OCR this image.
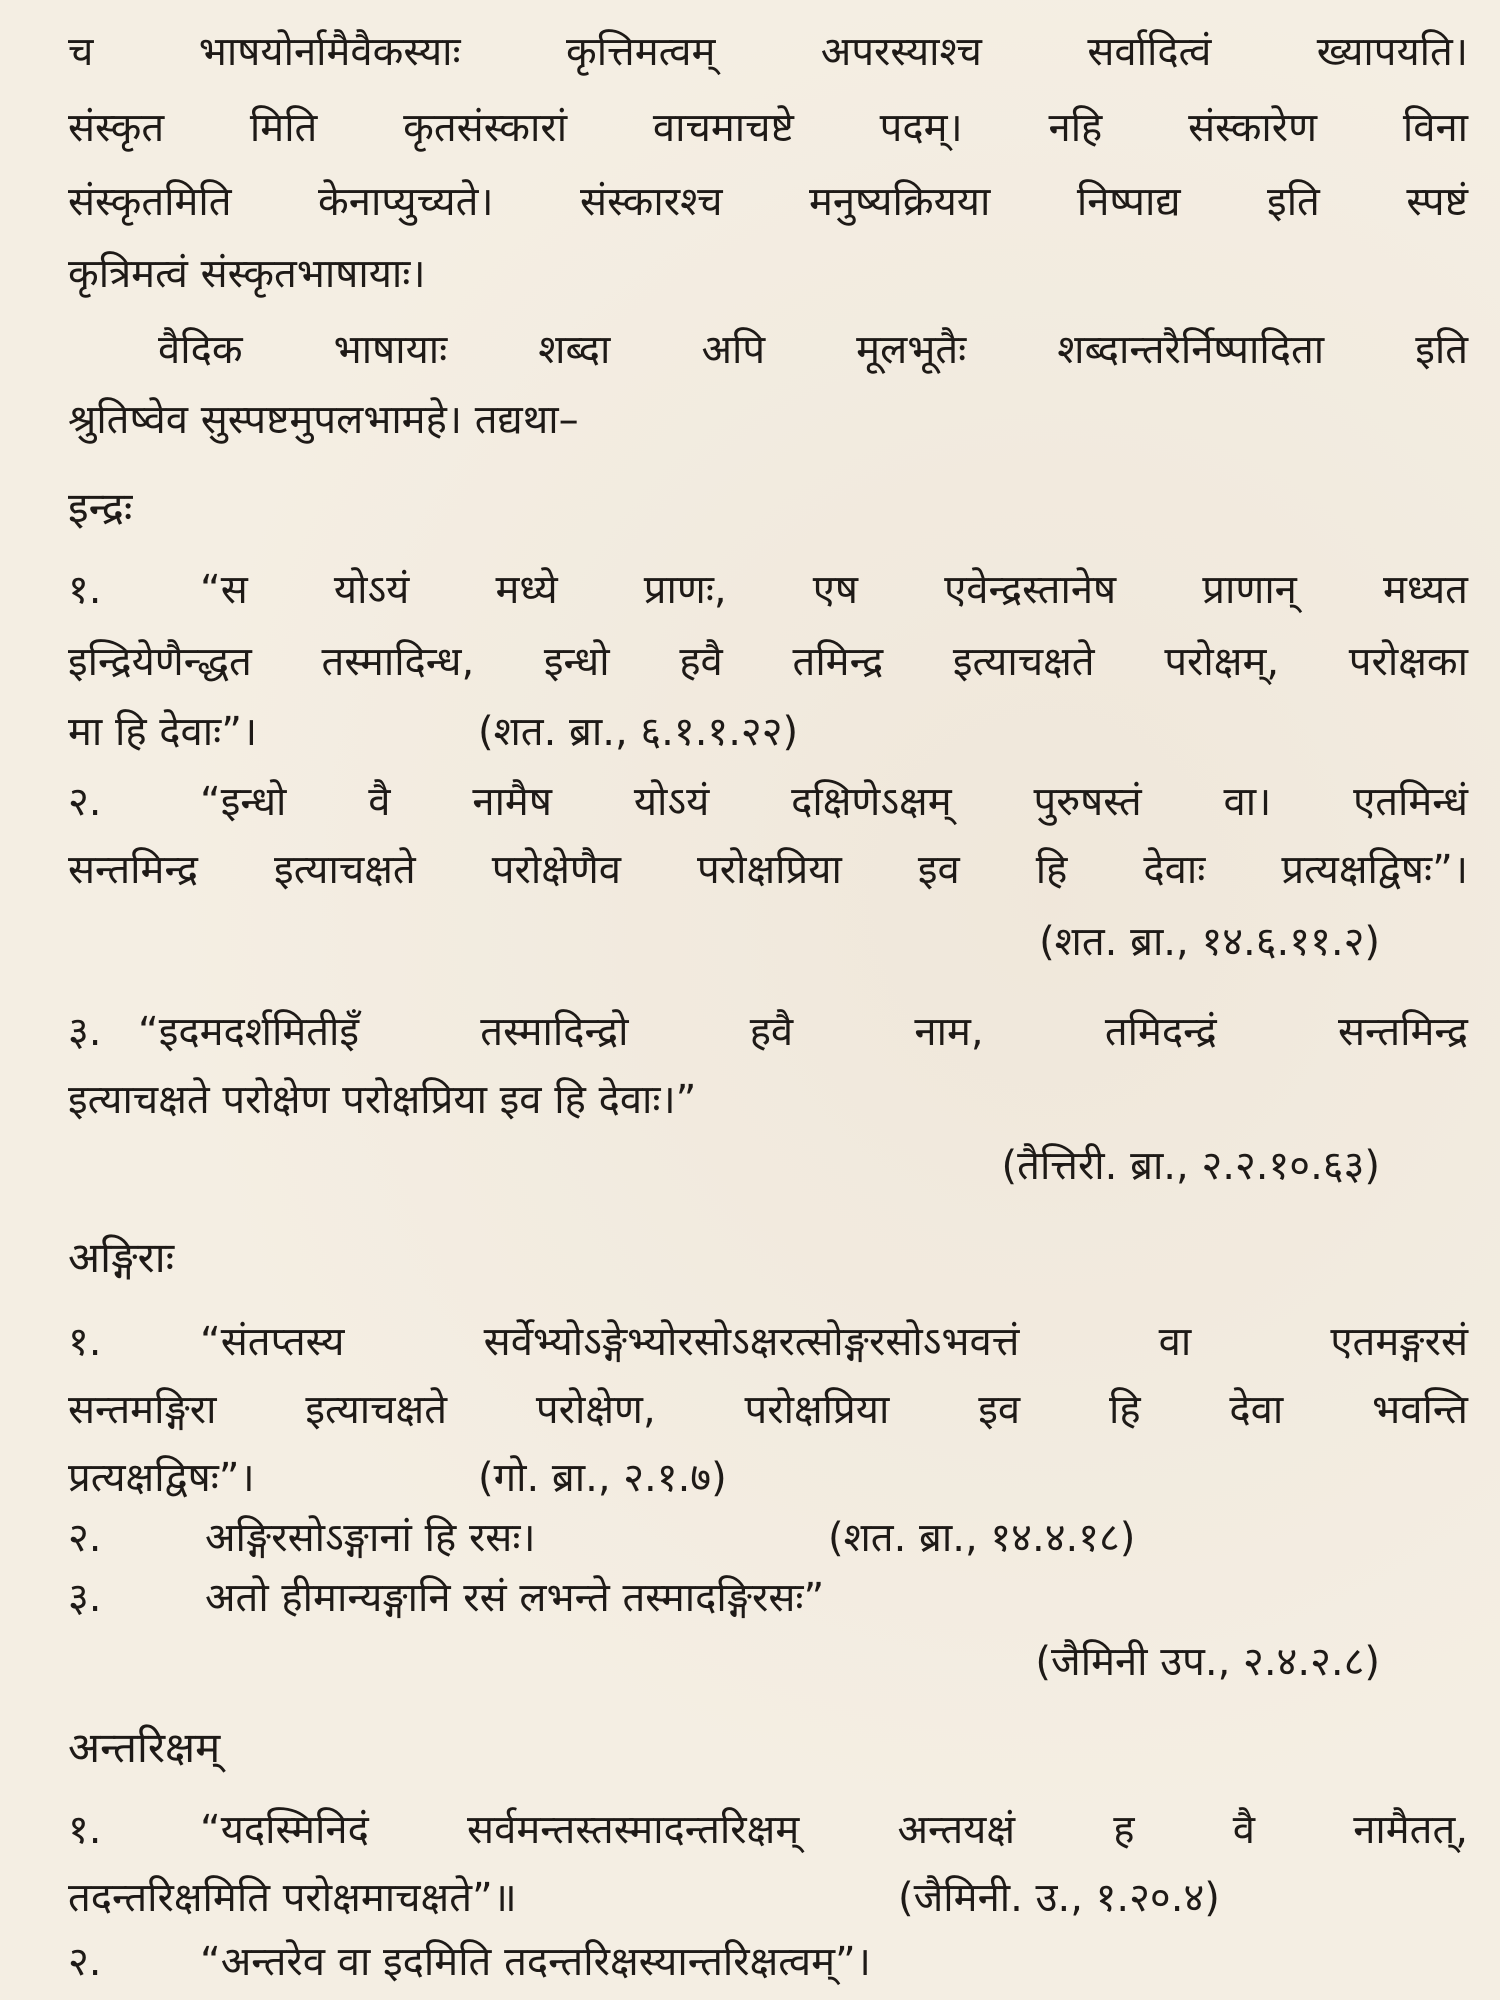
च भाषयोर्नामैवैकस्याः कृत्तिमत्वम् अपरस्याश्च सर्वादित्वं ख्यापयति।
संस्कृत मिति कृतसंस्कारां वाचमाचष्टे पदम्। नहि संस्कारेण विना
संस्कृतमिति केनाप्युच्यते। संस्कारश्च मनुष्यक्रियया निष्पाद्य इति स्पष्टं
कृत्रिमत्वं संस्कृतभाषायाः।
वैदिक भाषायाः शब्दा अपि मूलभूतैः शब्दान्तरैर्निष्पादिता इति
श्रुतिष्वेव सुस्पष्टमुपलभामहे। तद्यथा–
इन्द्रः
१. “स योऽयं मध्ये प्राणः, एष एवेन्द्रस्तानेष प्राणान् मध्यत
इन्द्रियेणैन्द्धत तस्मादिन्ध, इन्धो हवै तमिन्द्र इत्याचक्षते परोक्षम्, परोक्षका
मा हि देवाः”।	(शत. ब्रा., ६.१.१.२२)
२. “इन्धो वै नामैष योऽयं दक्षिणेऽक्षम् पुरुषस्तं वा। एतमिन्धं
सन्तमिन्द्र इत्याचक्षते परोक्षेणैव परोक्षप्रिया इव हि देवाः प्रत्यक्षद्विषः”।
(शत. ब्रा., १४.६.११.२)
३. “इदमदर्शमितीइँ तस्मादिन्द्रो हवै नाम, तमिदन्द्रं सन्तमिन्द्र
इत्याचक्षते परोक्षेण परोक्षप्रिया इव हि देवाः।”
(तैत्तिरी. ब्रा., २.२.१०.६३)
अङ्गिराः
१. “संतप्तस्य सर्वेभ्योऽङ्गेभ्योरसोऽक्षरत्सोङ्गरसोऽभवत्तं वा एतमङ्गरसं
सन्तमङ्गिरा इत्याचक्षते परोक्षेण, परोक्षप्रिया इव हि देवा भवन्ति
प्रत्यक्षद्विषः”।	(गो. ब्रा., २.१.७)
२.	अङ्गिरसोऽङ्गानां हि रसः।	(शत. ब्रा., १४.४.१८)
३.	अतो हीमान्यङ्गानि रसं लभन्ते तस्मादङ्गिरसः”
(जैमिनी उप., २.४.२.८)
अन्तरिक्षम्
१. “यदस्मिनिदं सर्वमन्तस्तस्मादन्तरिक्षम् अन्तयक्षं ह वै नामैतत्,
तदन्तरिक्षमिति परोक्षमाचक्षते”॥	(जैमिनी. उ., १.२०.४)
२. “अन्तरेव वा इदमिति तदन्तरिक्षस्यान्तरिक्षत्वम्”।
